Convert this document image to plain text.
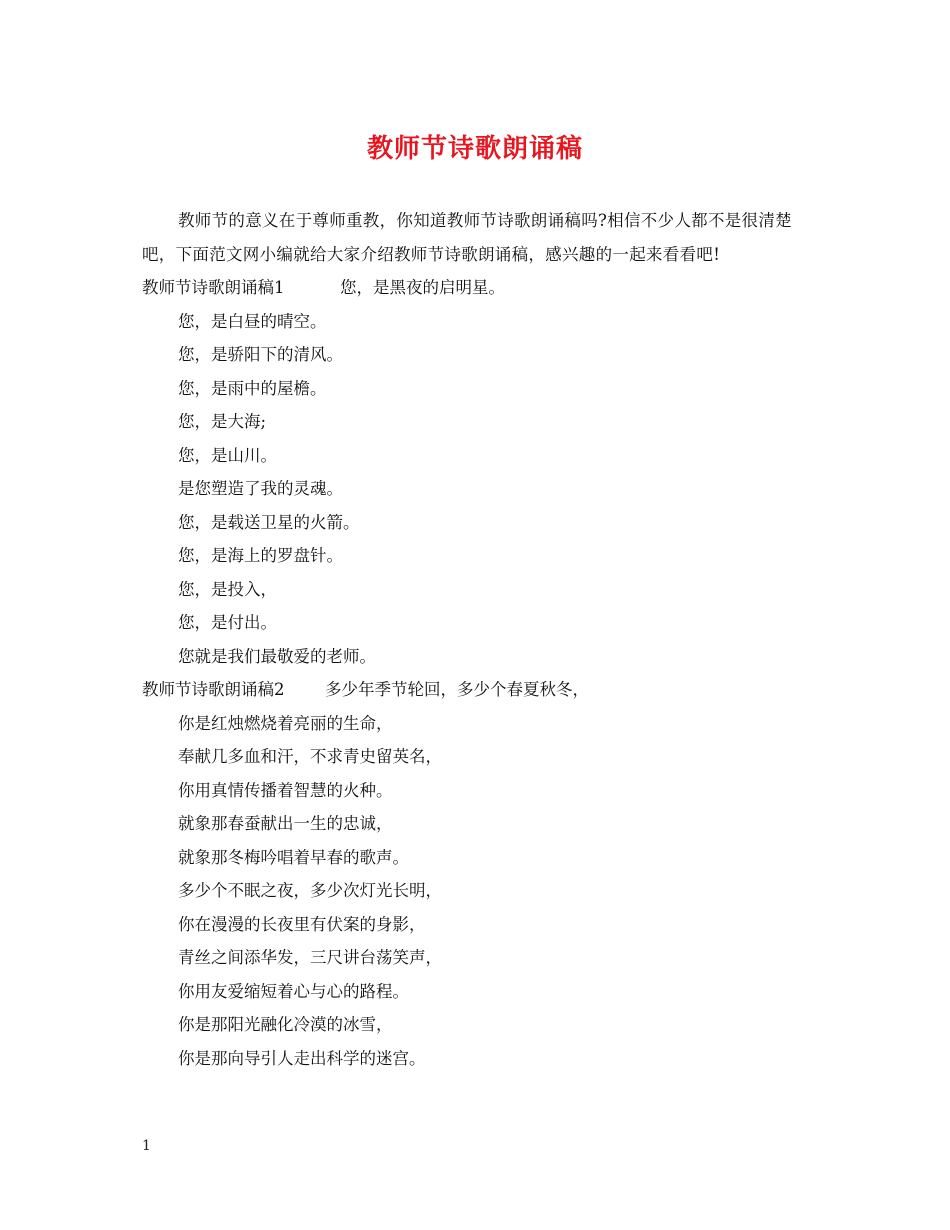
教师节诗歌朗诵稿

教师节的意义在于尊师重教，你知道教师节诗歌朗诵稿吗?相信不少人都不是很清楚吧，下面范文网小编就给大家介绍教师节诗歌朗诵稿，感兴趣的一起来看看吧!

教师节诗歌朗诵稿1	您，是黑夜的启明星。
您，是白昼的晴空。
您，是骄阳下的清风。
您，是雨中的屋檐。
您，是大海;
您，是山川。
是您塑造了我的灵魂。
您，是载送卫星的火箭。
您，是海上的罗盘针。
您，是投入，
您，是付出。
您就是我们最敬爱的老师。
教师节诗歌朗诵稿2 多少年季节轮回，多少个春夏秋冬，
你是红烛燃烧着亮丽的生命，
奉献几多血和汗，不求青史留英名，
你用真情传播着智慧的火种。
就象那春蚕献出一生的忠诚，
就象那冬梅吟唱着早春的歌声。
多少个不眠之夜，多少次灯光长明，
你在漫漫的长夜里有伏案的身影，
青丝之间添华发，三尺讲台荡笑声，
你用友爱缩短着心与心的路程。
你是那阳光融化冷漠的冰雪，
你是那向导引人走出科学的迷宫。
1
